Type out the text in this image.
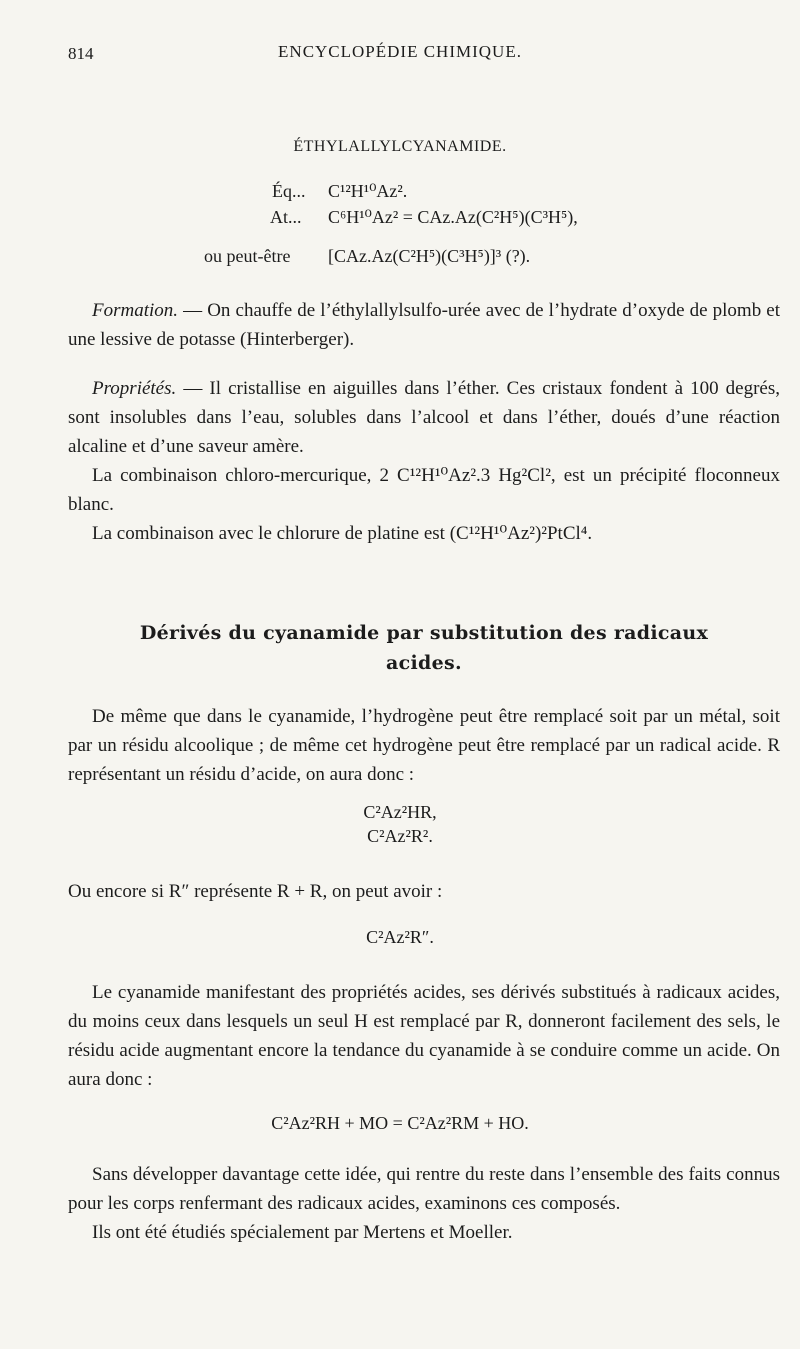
814	ENCYCLOPÉDIE CHIMIQUE.
ÉTHYLALLYLCYANAMIDE.
Éq... C¹²H¹⁰Az².
At... C⁶H¹⁰Az² = CAz.Az(C²H⁵)(C³H⁵),
ou peut-être [CAz.Az(C²H⁵)(C³H⁵)]³ (?).

Formation. — On chauffe de l’éthylallylsulfo-urée avec de l’hydrate d’oxyde de plomb et une lessive de potasse (Hinterberger).

Propriétés. — Il cristallise en aiguilles dans l’éther. Ces cristaux fondent à 100 degrés, sont insolubles dans l’eau, solubles dans l’alcool et dans l’éther, doués d’une réaction alcaline et d’une saveur amère.

La combinaison chloro-mercurique, 2 C¹²H¹⁰Az².3 Hg²Cl², est un précipité floconneux blanc.

La combinaison avec le chlorure de platine est (C¹²H¹⁰Az²)²PtCl⁴.

Dérivés du cyanamide par substitution des radicaux
acides.

De même que dans le cyanamide, l’hydrogène peut être remplacé soit par un métal, soit par un résidu alcoolique ; de même cet hydrogène peut être remplacé par un radical acide. R représentant un résidu d’acide, on aura donc :

C²Az²HR,
C²Az²R².

Ou encore si R″ représente R + R, on peut avoir :

C²Az²R″.

Le cyanamide manifestant des propriétés acides, ses dérivés substitués à radicaux acides, du moins ceux dans lesquels un seul H est remplacé par R, donneront facilement des sels, le résidu acide augmentant encore la tendance du cyanamide à se conduire comme un acide. On aura donc :

C²Az²RH + MO = C²Az²RM + HO.

Sans développer davantage cette idée, qui rentre du reste dans l’ensemble des faits connus pour les corps renfermant des radicaux acides, examinons ces composés.

Ils ont été étudiés spécialement par Mertens et Moeller.
